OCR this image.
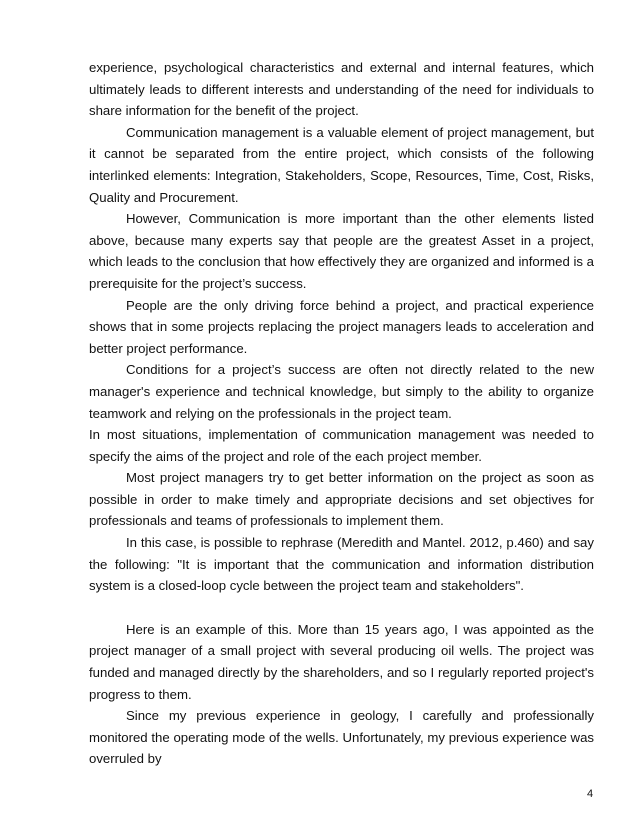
experience, psychological characteristics and external and internal features, which ultimately leads to different interests and understanding of the need for individuals to share information for the benefit of the project.

Communication management is a valuable element of project management, but it cannot be separated from the entire project, which consists of the following interlinked elements: Integration, Stakeholders, Scope, Resources, Time, Cost, Risks, Quality and Procurement.

However, Communication is more important than the other elements listed above, because many experts say that people are the greatest Asset in a project, which leads to the conclusion that how effectively they are organized and informed is a prerequisite for the project’s success.

People are the only driving force behind a project, and practical experience shows that in some projects replacing the project managers leads to acceleration and better project performance.

Conditions for a project’s success are often not directly related to the new manager's experience and technical knowledge, but simply to the ability to organize teamwork and relying on the professionals in the project team.

In most situations, implementation of communication management was needed to specify the aims of the project and role of the each project member.

Most project managers try to get better information on the project as soon as possible in order to make timely and appropriate decisions and set objectives for professionals and teams of professionals to implement them.

In this case, is possible to rephrase (Meredith and Mantel. 2012, p.460) and say the following: "It is important that the communication and information distribution system is a closed-loop cycle between the project team and stakeholders".

Here is an example of this. More than 15 years ago, I was appointed as the project manager of a small project with several producing oil wells. The project was funded and managed directly by the shareholders, and so I regularly reported project's progress to them.

Since my previous experience in geology, I carefully and professionally monitored the operating mode of the wells. Unfortunately, my previous experience was overruled by

4
